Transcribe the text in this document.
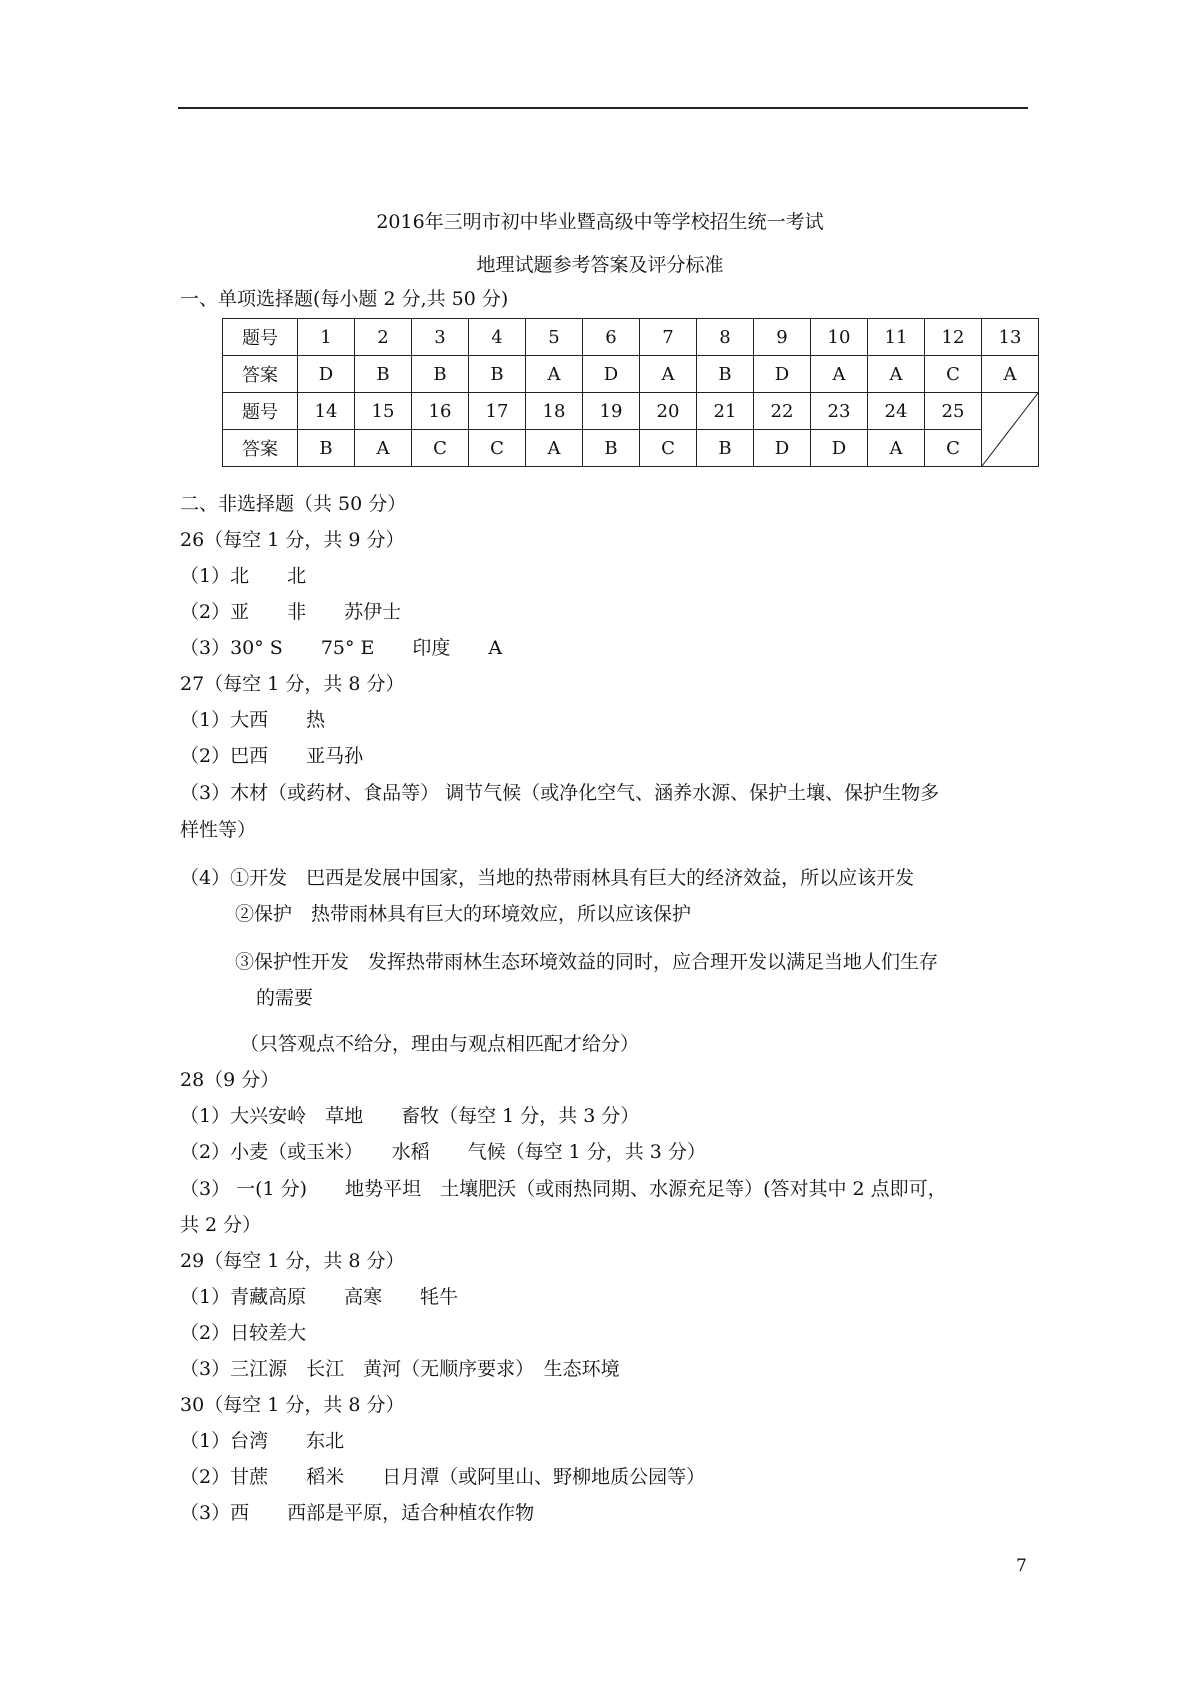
2016年三明市初中毕业暨高级中等学校招生统一考试
地理试题参考答案及评分标准
一、单项选择题(每小题 2 分,共 50 分)
题号	1	2	3	4	5	6	7	8	9	10	11	12	13
答案	D	B	B	B	A	D	A	B	D	A	A	C	A
题号	14	15	16	17	18	19	20	21	22	23	24	25	

答案	B	A	C	C	A	B	C	B	D	D	A	C	
二、非选择题（共 50 分）
26（每空 1 分，共 9 分）
（1）北　　北
（2）亚　　非　　苏伊士
（3）30° S　　75° E　　印度　　A
27（每空 1 分，共 8 分）
（1）大西　　热
（2）巴西　　亚马孙
（3）木材（或药材、食品等） 调节气候（或净化空气、涵养水源、保护土壤、保护生物多
样性等）
（4）①开发　巴西是发展中国家，当地的热带雨林具有巨大的经济效益，所以应该开发
②保护　热带雨林具有巨大的环境效应，所以应该保护
③保护性开发　发挥热带雨林生态环境效益的同时，应合理开发以满足当地人们生存
的需要
（只答观点不给分，理由与观点相匹配才给分）
28（9 分）
（1）大兴安岭　草地　　畜牧（每空 1 分，共 3 分）
（2）小麦（或玉米）　　水稻　　气候（每空 1 分，共 3 分）
（3） 一(1 分)　　地势平坦　土壤肥沃（或雨热同期、水源充足等）(答对其中 2 点即可，
共 2 分）
29（每空 1 分，共 8 分）
（1）青藏高原　　高寒　　牦牛
（2）日较差大
（3）三江源　长江　黄河（无顺序要求）　生态环境
30（每空 1 分，共 8 分）
（1）台湾　　东北
（2）甘蔗　　稻米　　日月潭（或阿里山、野柳地质公园等）
（3）西　　西部是平原，适合种植农作物
7
